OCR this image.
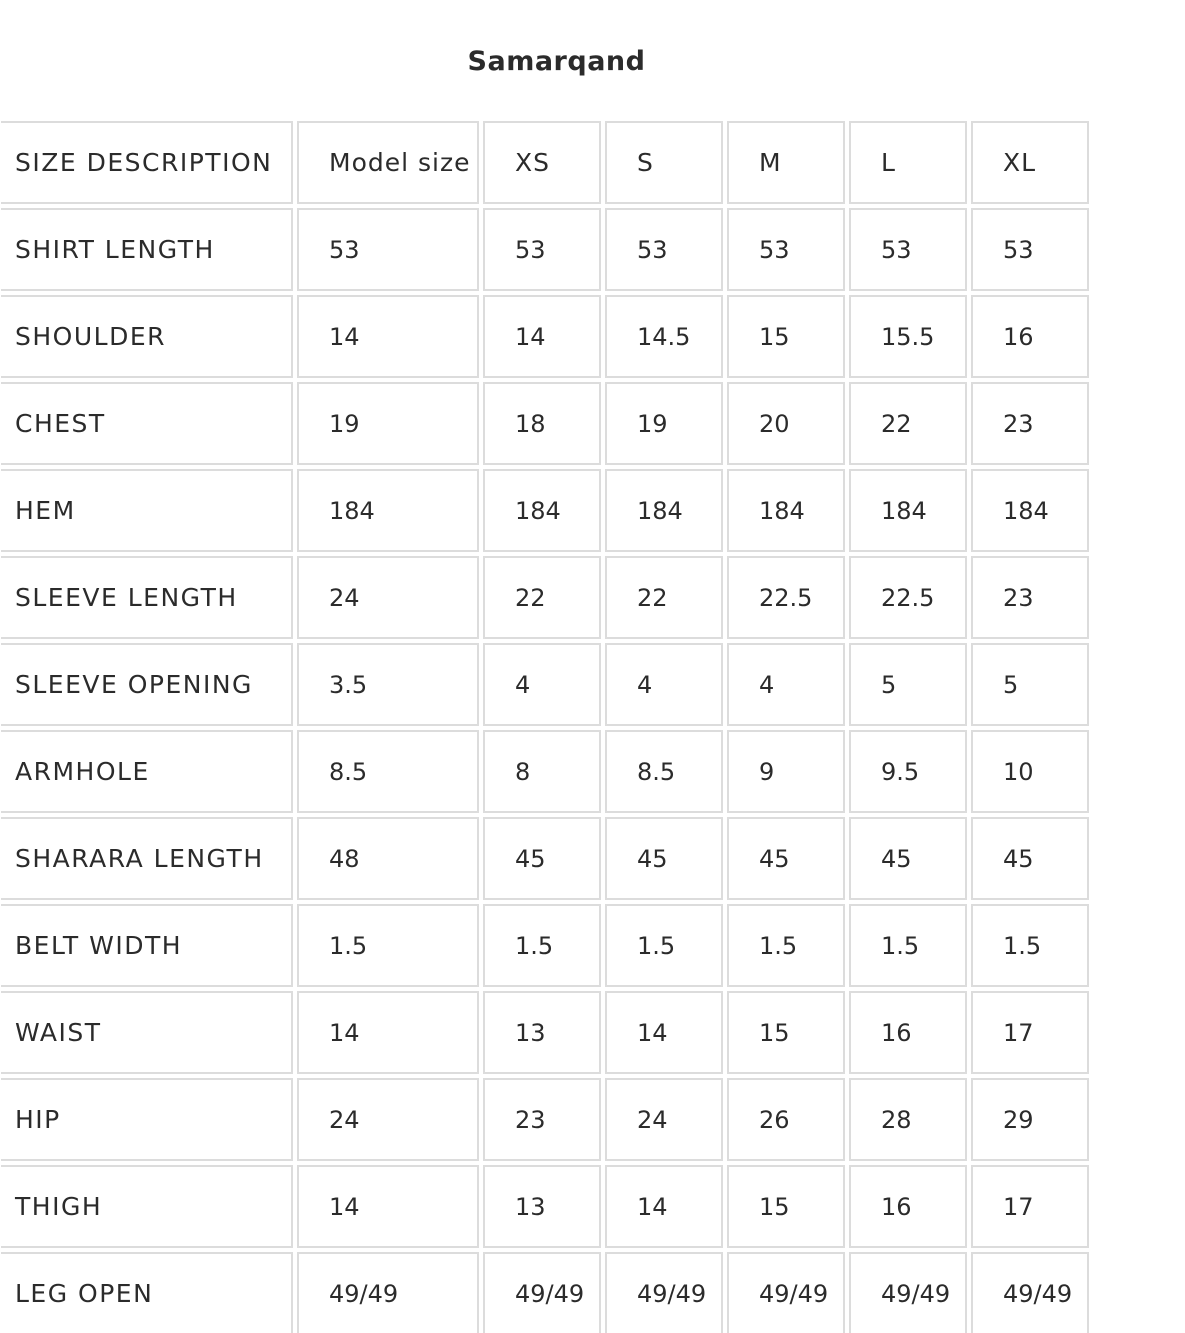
Samarqand
SIZE DESCRIPTION	Model size	XS	S	M	L	XL
SHIRT LENGTH	53	53	53	53	53	53
SHOULDER	14	14	14.5	15	15.5	16
CHEST	19	18	19	20	22	23
HEM	184	184	184	184	184	184
SLEEVE LENGTH	24	22	22	22.5	22.5	23
SLEEVE OPENING	3.5	4	4	4	5	5
ARMHOLE	8.5	8	8.5	9	9.5	10
SHARARA LENGTH	48	45	45	45	45	45
BELT WIDTH	1.5	1.5	1.5	1.5	1.5	1.5
WAIST	14	13	14	15	16	17
HIP	24	23	24	26	28	29
THIGH	14	13	14	15	16	17
LEG OPEN	49/49	49/49	49/49	49/49	49/49	49/49
